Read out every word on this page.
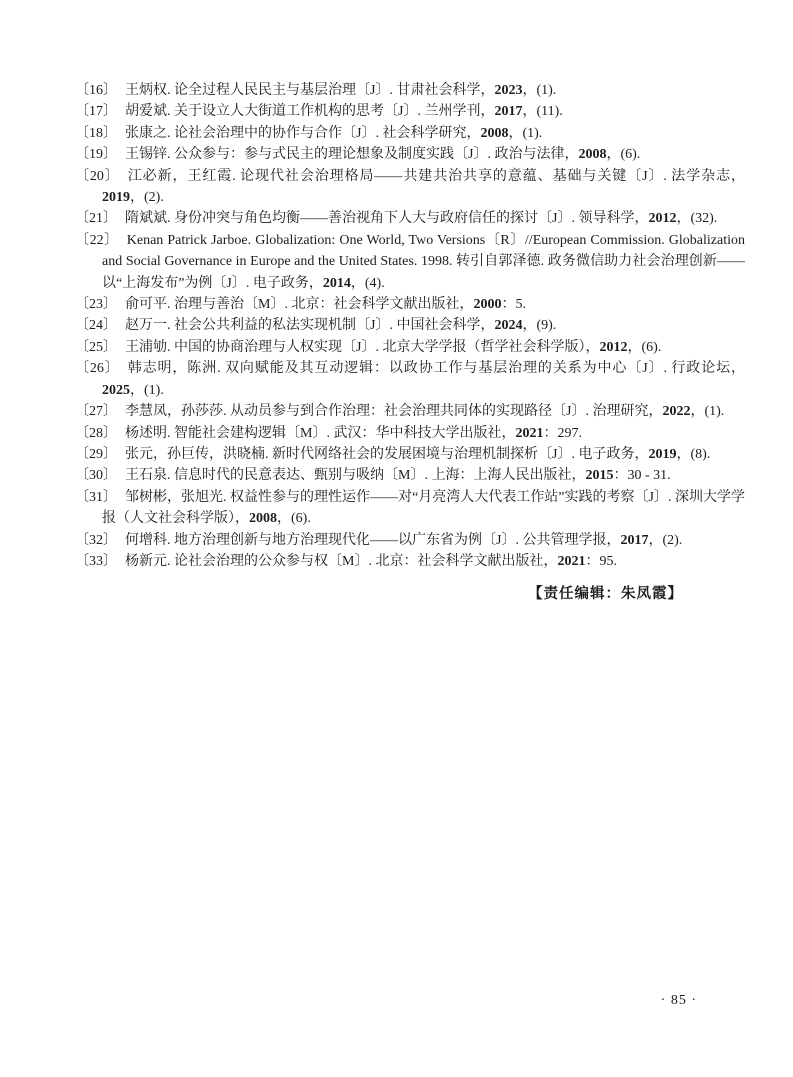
〔16〕 王炳权. 论全过程人民民主与基层治理〔J〕. 甘肃社会科学，2023，(1).
〔17〕 胡爱斌. 关于设立人大街道工作机构的思考〔J〕. 兰州学刊，2017，(11).
〔18〕 张康之. 论社会治理中的协作与合作〔J〕. 社会科学研究，2008，(1).
〔19〕 王锡锌. 公众参与：参与式民主的理论想象及制度实践〔J〕. 政治与法律，2008，(6).
〔20〕 江必新，王红霞. 论现代社会治理格局——共建共治共享的意蕴、基础与关键〔J〕. 法学杂志，2019，(2).
〔21〕 隋斌斌. 身份冲突与角色均衡——善治视角下人大与政府信任的探讨〔J〕. 领导科学，2012，(32).
〔22〕 Kenan Patrick Jarboe. Globalization: One World, Two Versions〔R〕//European Commission. Globalization and Social Governance in Europe and the United States. 1998. 转引自郭泽德. 政务微信助力社会治理创新——以“上海发布”为例〔J〕. 电子政务，2014，(4).
〔23〕 俞可平. 治理与善治〔M〕. 北京：社会科学文献出版社，2000：5.
〔24〕 赵万一. 社会公共利益的私法实现机制〔J〕. 中国社会科学，2024，(9).
〔25〕 王浦劬. 中国的协商治理与人权实现〔J〕. 北京大学学报（哲学社会科学版），2012，(6).
〔26〕 韩志明，陈洲. 双向赋能及其互动逻辑：以政协工作与基层治理的关系为中心〔J〕. 行政论坛，2025，(1).
〔27〕 李慧凤，孙莎莎. 从动员参与到合作治理：社会治理共同体的实现路径〔J〕. 治理研究，2022，(1).
〔28〕 杨述明. 智能社会建构逻辑〔M〕. 武汉：华中科技大学出版社，2021：297.
〔29〕 张元，孙巨传，洪晓楠. 新时代网络社会的发展困境与治理机制探析〔J〕. 电子政务，2019，(8).
〔30〕 王石泉. 信息时代的民意表达、甄别与吸纳〔M〕. 上海：上海人民出版社，2015：30 - 31.
〔31〕 邹树彬，张旭光. 权益性参与的理性运作——对“月亮湾人大代表工作站”实践的考察〔J〕. 深圳大学学报（人文社会科学版），2008，(6).
〔32〕 何增科. 地方治理创新与地方治理现代化——以广东省为例〔J〕. 公共管理学报，2017，(2).
〔33〕 杨新元. 论社会治理的公众参与权〔M〕. 北京：社会科学文献出版社，2021：95.
【责任编辑：朱凤霞】
· 85 ·
